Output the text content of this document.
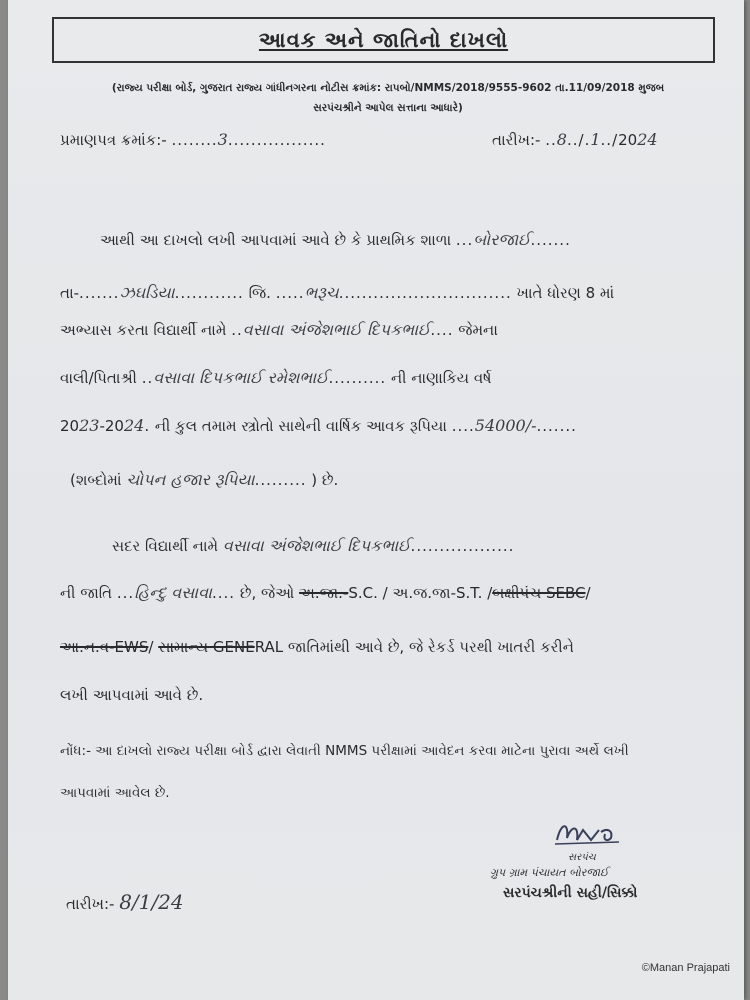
આવક અને જાતિનો દાખલો
(રાજ્ય પરીક્ષા બોર્ડ, ગુજરાત રાજ્ય ગાંધીનગરના નોટીસ ક્રમાંક: રાપબો/NMMS/2018/9555-9602 તા.11/09/2018 મુજબ
સરપંચશ્રીને આપેલ સત્તાના આધારે)
પ્રમાણપત્ર ક્રમાંક:- ........3.................	તારીખ:- ..8../.1../2024
આથી આ દાખલો લખી આપવામાં આવે છે કે પ્રાથમિક શાળા ...બોરજાઈ.......
તા-.......ઝઘડિયા............ જિ. .....ભરૂચ.............................. ખાતે ધોરણ 8 માં
અભ્યાસ કરતા વિદ્યાર્થી નામે ..વસાવા અંજેશભાઈ દિપકભાઈ.... જેમના
વાલી/પિતાશ્રી ..વસાવા દિપકભાઈ રમેશભાઈ.......... ની નાણાકિય વર્ષ
2023-2024. ની કુલ તમામ સ્ત્રોતો સાથેની વાર્ષિક આવક રૂપિયા ....54000/-.......
(શબ્દોમાં ચોપન હજાર રૂપિયા......... ) છે.
સદર વિદ્યાર્થી નામે વસાવા અંજેશભાઈ દિપકભાઈ..................
ની જાતિ ...હિન્દુ વસાવા.... છે, જેઓ અ.જા.-S.C. / અ.જ.જા-S.T. /બક્ષીપંચ SEBC/
આ.ન.વ-EWS/ સામાન્ય GENERAL જાતિમાંથી આવે છે, જે રેકર્ડ પરથી ખાતરી કરીને
લખી આપવામાં આવે છે.
નોંધ:- આ દાખલો રાજ્ય પરીક્ષા બોર્ડ દ્વારા લેવાતી NMMS પરીક્ષામાં આવેદન કરવા માટેના પુરાવા અર્થે લખી
આપવામાં આવેલ છે.
સરપંચ
ગ્રુપ ગ્રામ પંચાયત બોરજાઈ
સરપંચશ્રીની સહી/સિક્કો
તારીખ:- 8/1/24
©Manan Prajapati
